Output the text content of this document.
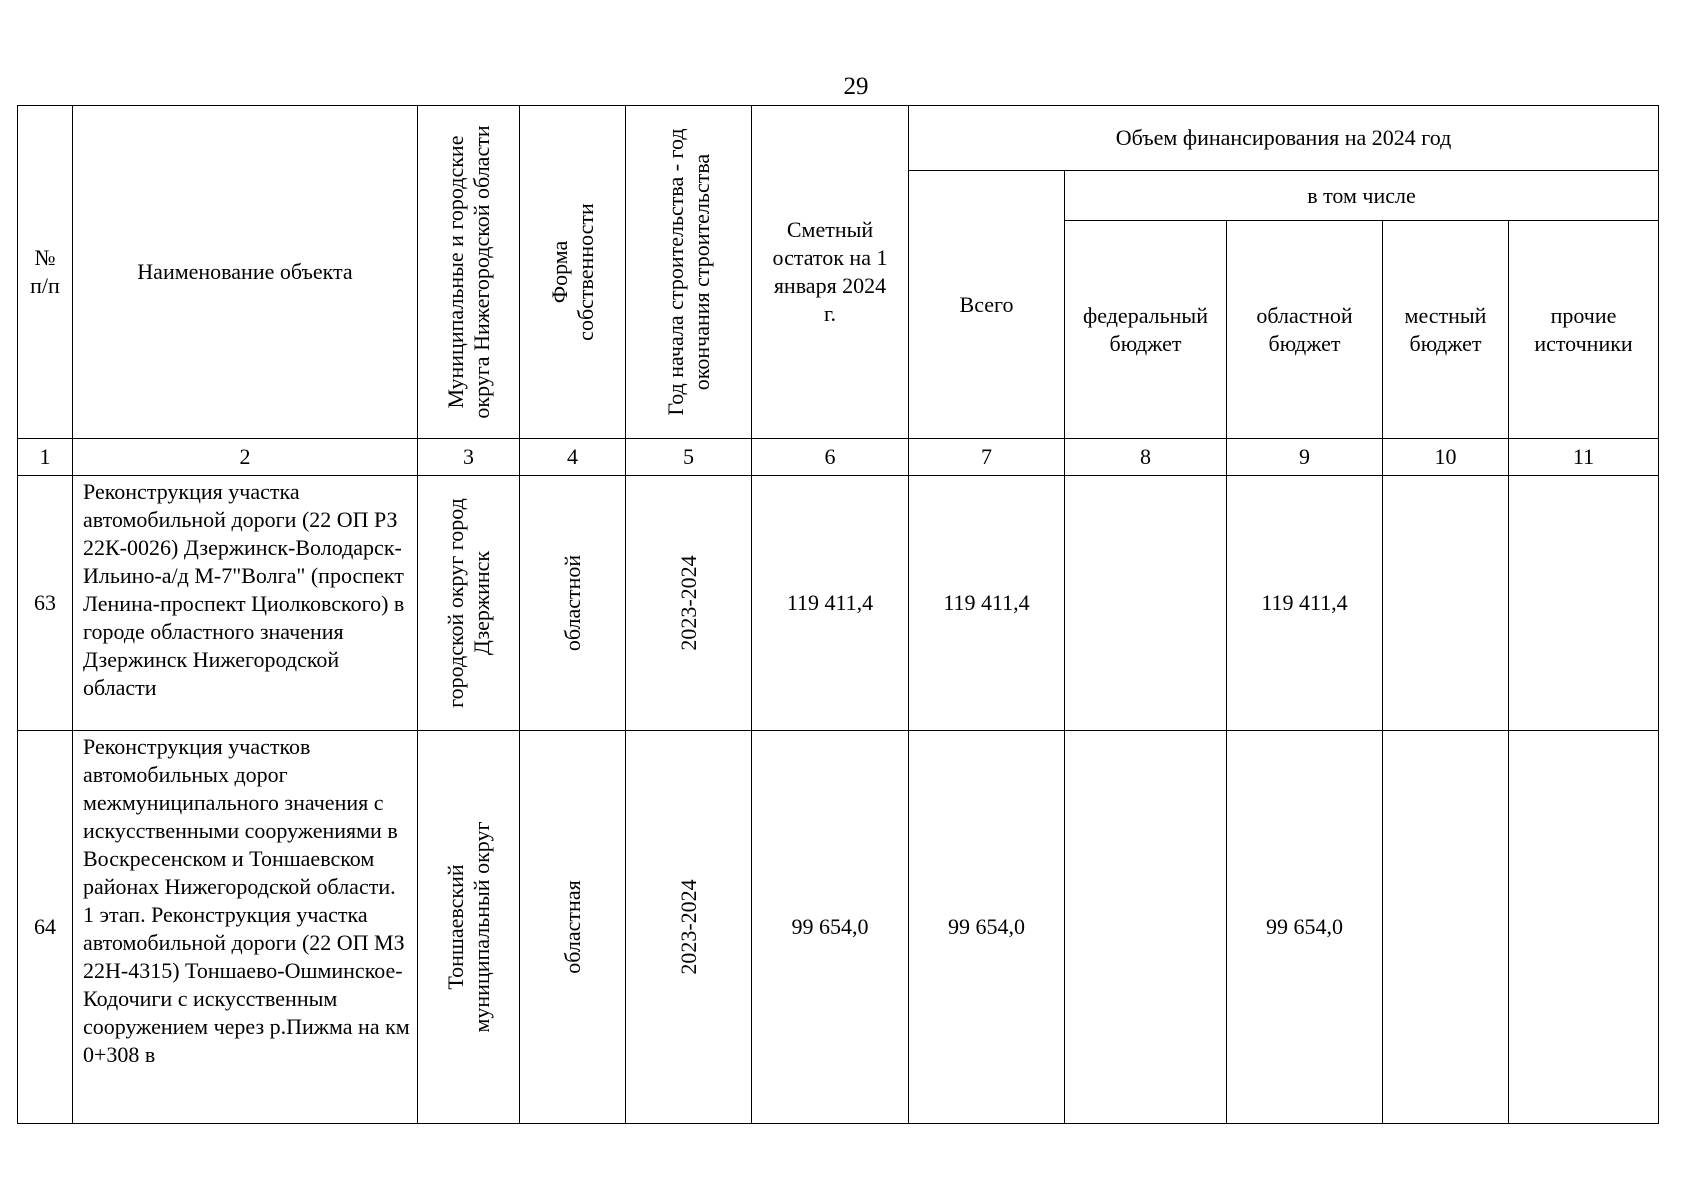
29
№ п/п	Наименование объекта	Муниципальные и городские округа Нижегородской области	Форма собственности	Год начала строительства - год окончания строительства	Сметный остаток на 1 января 2024 г.	Объем финансирования на 2024 год				
						Всего	в том числе			
							федеральный бюджет	областной бюджет	местный бюджет	прочие источники
1	2	3	4	5	6	7	8	9	10	11
63	Реконструкция участка автомобильной дороги (22 ОП РЗ 22К-0026) Дзержинск-Володарск-Ильино-а/д М-7"Волга" (проспект Ленина-проспект Циолковского) в городе областного значения Дзержинск Нижегородской области	городской округ город Дзержинск	областной	2023-2024	119 411,4	119 411,4		119 411,4		
64	Реконструкция участков автомобильных дорог межмуниципального значения с искусственными сооружениями в Воскресенском и Тоншаевском районах Нижегородской области. 1 этап. Реконструкция участка автомобильной дороги (22 ОП МЗ 22Н-4315) Тоншаево-Ошминское-Кодочиги с искусственным сооружением через р.Пижма на км 0+308 в	Тоншаевский муниципальный округ	областная	2023-2024	99 654,0	99 654,0		99 654,0		
